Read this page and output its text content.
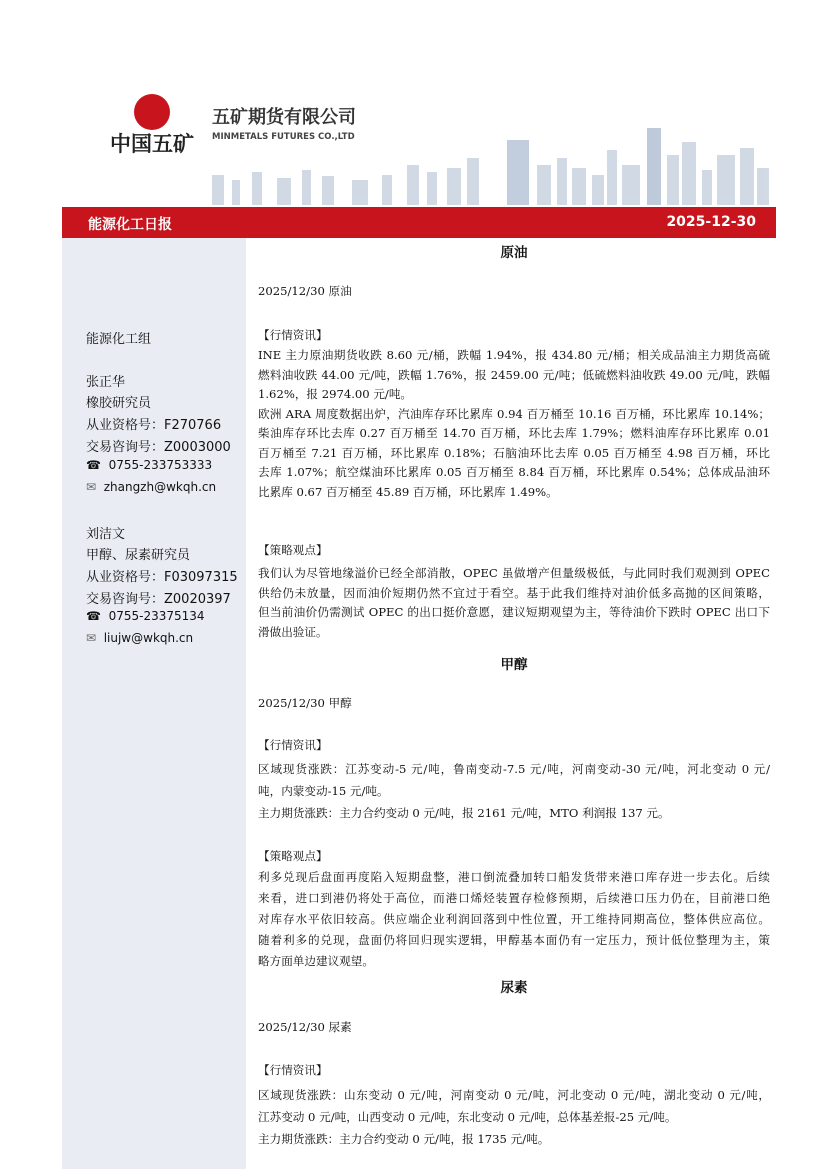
中国五矿
五矿期货有限公司
MINMETALS FUTURES CO.,LTD
能源化工日报	2025-12-30
能源化工组
张正华
橡胶研究员
从业资格号：F270766
交易咨询号：Z0003000
☎ 0755-233753333
✉ zhangzh@wkqh.cn
刘洁文
甲醇、尿素研究员
从业资格号：F03097315
交易咨询号：Z0020397
☎ 0755-23375134
✉ liujw@wkqh.cn
原油
2025/12/30 原油
【行情资讯】
INE 主力原油期货收跌 8.60 元/桶，跌幅 1.94%，报 434.80 元/桶；相关成品油主力期货高硫
燃料油收跌 44.00 元/吨，跌幅 1.76%，报 2459.00 元/吨；低硫燃料油收跌 49.00 元/吨，跌幅
1.62%，报 2974.00 元/吨。
欧洲 ARA 周度数据出炉，汽油库存环比累库 0.94 百万桶至 10.16 百万桶，环比累库 10.14%；
柴油库存环比去库 0.27 百万桶至 14.70 百万桶，环比去库 1.79%；燃料油库存环比累库 0.01
百万桶至 7.21 百万桶，环比累库 0.18%；石脑油环比去库 0.05 百万桶至 4.98 百万桶，环比
去库 1.07%；航空煤油环比累库 0.05 百万桶至 8.84 百万桶，环比累库 0.54%；总体成品油环
比累库 0.67 百万桶至 45.89 百万桶，环比累库 1.49%。
【策略观点】
我们认为尽管地缘溢价已经全部消散，OPEC 虽做增产但量级极低，与此同时我们观测到 OPEC
供给仍未放量，因而油价短期仍然不宜过于看空。基于此我们维持对油价低多高抛的区间策略，
但当前油价仍需测试 OPEC 的出口挺价意愿，建议短期观望为主，等待油价下跌时 OPEC 出口下
滑做出验证。
甲醇
2025/12/30 甲醇
【行情资讯】
区域现货涨跌：江苏变动-5 元/吨，鲁南变动-7.5 元/吨，河南变动-30 元/吨，河北变动 0 元/
吨，内蒙变动-15 元/吨。
主力期货涨跌：主力合约变动 0 元/吨，报 2161 元/吨，MTO 利润报 137 元。
【策略观点】
利多兑现后盘面再度陷入短期盘整，港口倒流叠加转口船发货带来港口库存进一步去化。后续
来看，进口到港仍将处于高位，而港口烯烃装置存检修预期，后续港口压力仍在，目前港口绝
对库存水平依旧较高。供应端企业利润回落到中性位置，开工维持同期高位，整体供应高位。
随着利多的兑现，盘面仍将回归现实逻辑，甲醇基本面仍有一定压力，预计低位整理为主，策
略方面单边建议观望。
尿素
2025/12/30 尿素
【行情资讯】
区域现货涨跌：山东变动 0 元/吨，河南变动 0 元/吨，河北变动 0 元/吨，湖北变动 0 元/吨，
江苏变动 0 元/吨，山西变动 0 元/吨，东北变动 0 元/吨，总体基差报-25 元/吨。
主力期货涨跌：主力合约变动 0 元/吨，报 1735 元/吨。
